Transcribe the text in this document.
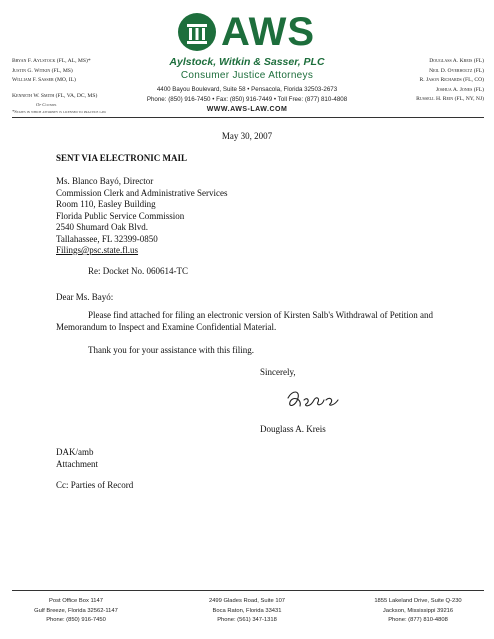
AWS
Aylstock, Witkin & Sasser, PLC
Consumer Justice Attorneys
4400 Bayou Boulevard, Suite 58 • Pensacola, Florida 32503-2673
Phone: (850) 916-7450 • Fax: (850) 916-7449 • Toll Free: (877) 810-4808
WWW.AWS-LAW.COM
Bryan F. Aylstock (FL, AL, MS)*
Justin G. Witkin (FL, MS)
William F. Sasser (MO, IL)
Kenneth W. Smith (FL, VA, DC, MS)
Of Counsel
*States in which attorney is licensed to practice law
Douglass A. Kreis (FL)
Neil D. Overholtz (FL)
R. Jason Richards (FL, CO)
Joshua A. Jones (FL)
Russell H. Rein (FL, NY, NJ)
May 30, 2007
SENT VIA ELECTRONIC MAIL
Ms. Blanco Bayó, Director
Commission Clerk and Administrative Services
Room 110, Easley Building
Florida Public Service Commission
2540 Shumard Oak Blvd.
Tallahassee, FL 32399-0850
Filings@psc.state.fl.us
Re: Docket No. 060614-TC
Dear Ms. Bayó:
Please find attached for filing an electronic version of Kirsten Salb's Withdrawal of Petition and Memorandum to Inspect and Examine Confidential Material.
Thank you for your assistance with this filing.
Sincerely,
Douglass A. Kreis
DAK/amb
Attachment
Cc: Parties of Record
Post Office Box 1147
Gulf Breeze, Florida 32562-1147
Phone: (850) 916-7450
2499 Glades Road, Suite 107
Boca Raton, Florida 33431
Phone: (561) 347-1318
1855 Lakeland Drive, Suite Q-230
Jackson, Mississippi 39216
Phone: (877) 810-4808
